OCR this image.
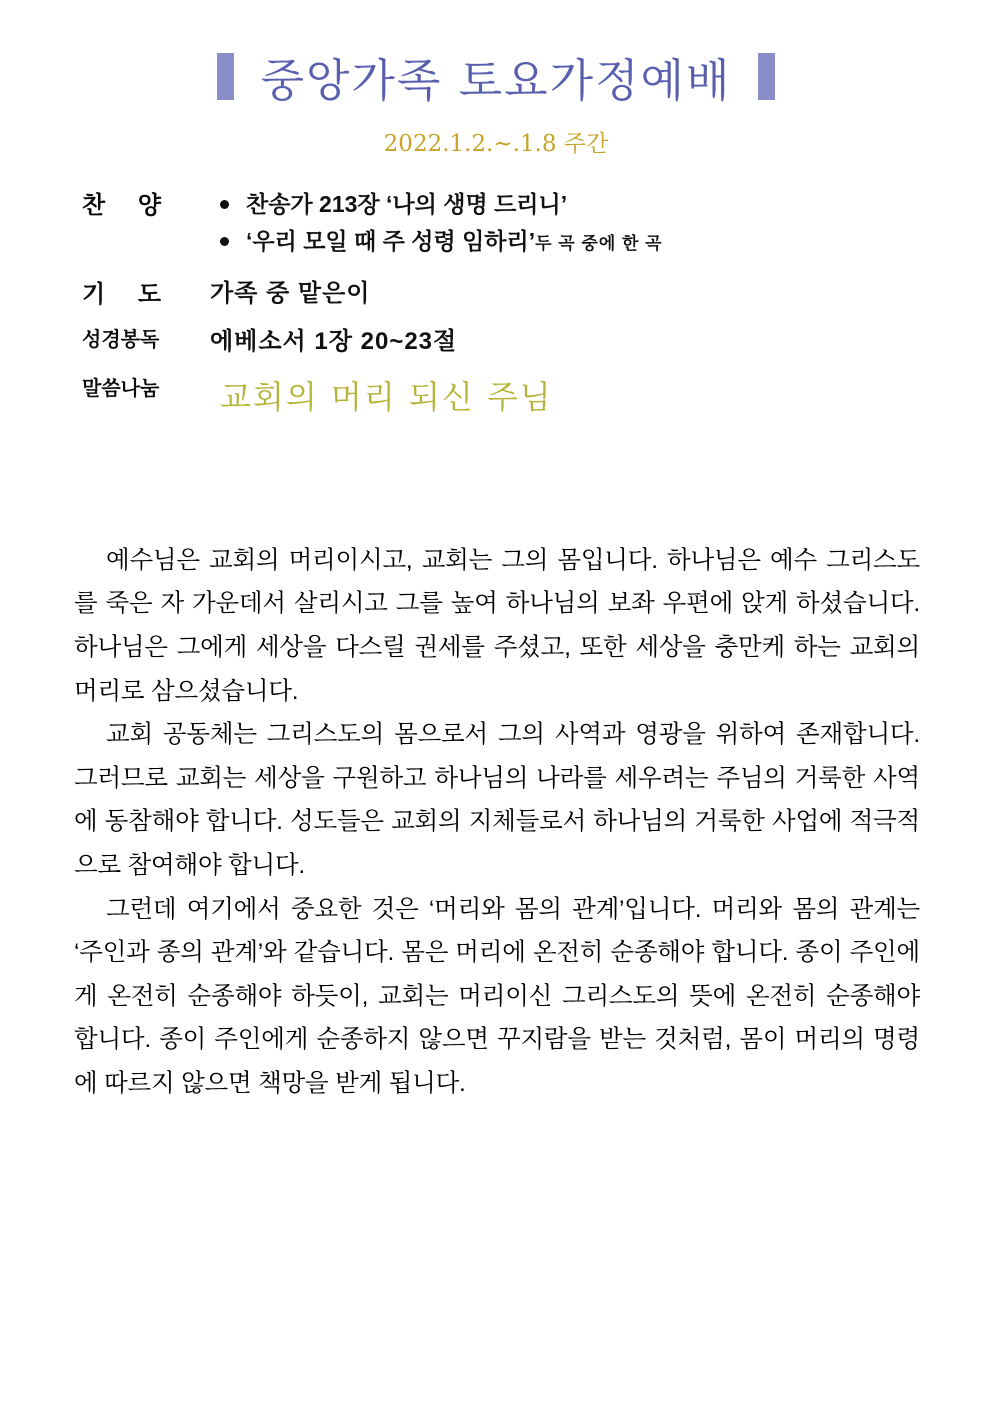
중앙가족 토요가정예배
2022.1.2.~.1.8 주간
찬 양	찬송가 213장 ‘나의 생명 드리니’
‘우리 모일 때 주 성령 임하리’두 곡 중에 한 곡
기 도	가족 중 맡은이
성경봉독	에베소서 1장 20~23절
말씀나눔	교회의 머리 되신 주님

예수님은 교회의 머리이시고, 교회는 그의 몸입니다. 하나님은 예수 그리스도를 죽은 자 가운데서 살리시고 그를 높여 하나님의 보좌 우편에 앉게 하셨습니다. 하나님은 그에게 세상을 다스릴 권세를 주셨고, 또한 세상을 충만케 하는 교회의 머리로 삼으셨습니다.

교회 공동체는 그리스도의 몸으로서 그의 사역과 영광을 위하여 존재합니다. 그러므로 교회는 세상을 구원하고 하나님의 나라를 세우려는 주님의 거룩한 사역에 동참해야 합니다. 성도들은 교회의 지체들로서 하나님의 거룩한 사업에 적극적으로 참여해야 합니다.

그런데 여기에서 중요한 것은 ‘머리와 몸의 관계’입니다. 머리와 몸의 관계는 ‘주인과 종의 관계’와 같습니다. 몸은 머리에 온전히 순종해야 합니다. 종이 주인에게 온전히 순종해야 하듯이, 교회는 머리이신 그리스도의 뜻에 온전히 순종해야 합니다. 종이 주인에게 순종하지 않으면 꾸지람을 받는 것처럼, 몸이 머리의 명령에 따르지 않으면 책망을 받게 됩니다.
